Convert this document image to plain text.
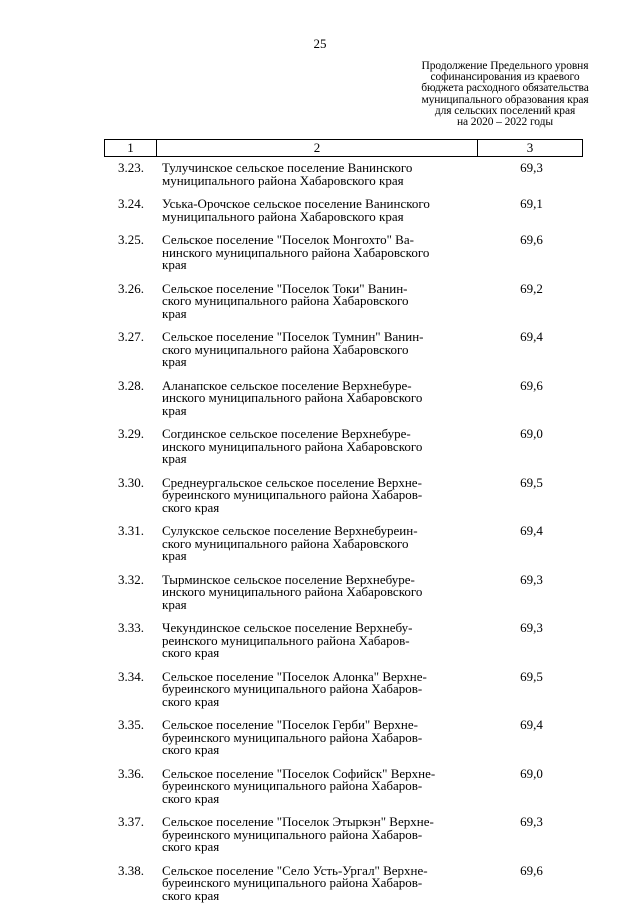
25
Продолжение Предельного уровня
софинансирования из краевого
бюджета расходного обязательства
муниципального образования края
для сельских поселений края
на 2020 – 2022 годы
1	2	3
3.23.	Тулучинское сельское поселение Ванинского
муниципального района Хабаровского края
69,3
3.24.	Уська-Орочское сельское поселение Ванинского
муниципального района Хабаровского края
69,1
3.25.	Сельское поселение "Поселок Монгохто" Ва-
нинского муниципального района Хабаровского
края
69,6
3.26.	Сельское поселение "Поселок Токи" Ванин-
ского муниципального района Хабаровского
края
69,2
3.27.	Сельское поселение "Поселок Тумнин" Ванин-
ского муниципального района Хабаровского
края
69,4
3.28.	Аланапское сельское поселение Верхнебуре-
инского муниципального района Хабаровского
края
69,6
3.29.	Согдинское сельское поселение Верхнебуре-
инского муниципального района Хабаровского
края
69,0
3.30.	Среднеургальское сельское поселение Верхне-
буреинского муниципального района Хабаров-
ского края
69,5
3.31.	Сулукское сельское поселение Верхнебуреин-
ского муниципального района Хабаровского
края
69,4
3.32.	Тырминское сельское поселение Верхнебуре-
инского муниципального района Хабаровского
края
69,3
3.33.	Чекундинское сельское поселение Верхнебу-
реинского муниципального района Хабаров-
ского края
69,3
3.34.	Сельское поселение "Поселок Алонка" Верхне-
буреинского муниципального района Хабаров-
ского края
69,5
3.35.	Сельское поселение "Поселок Герби" Верхне-
буреинского муниципального района Хабаров-
ского края
69,4
3.36.	Сельское поселение "Поселок Софийск" Верхне-
буреинского муниципального района Хабаров-
ского края
69,0
3.37.	Сельское поселение "Поселок Этыркэн" Верхне-
буреинского муниципального района Хабаров-
ского края
69,3
3.38.	Сельское поселение "Село Усть-Ургал" Верхне-
буреинского муниципального района Хабаров-
ского края
69,6
